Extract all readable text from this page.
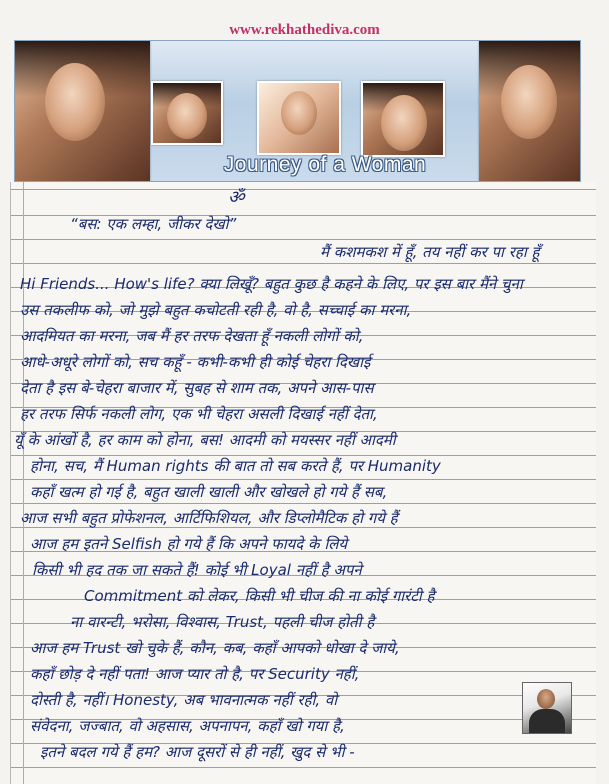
www.rekhathediva.com
Journey of a Woman
ॐ
“बस: एक लम्हा, जीकर देखो”
मैं कशमकश में हूँ, तय नहीं कर पा रहा हूँ
Hi Friends... How's life? क्या लिखूँ? बहुत कुछ है कहने के लिए, पर इस बार मैंने चुना
उस तकलीफ को, जो मुझे बहुत कचोटती रही है, वो है, सच्चाई का मरना,
आदमियत का मरना, जब मैं हर तरफ देखता हूँ नकली लोगों को,
आधे-अधूरे लोगों को, सच कहूँ - कभी-कभी ही कोई चेहरा दिखाई
देता है इस बे-चेहरा बाजार में, सुबह से शाम तक, अपने आस-पास
हर तरफ सिर्फ नकली लोग, एक भी चेहरा असली दिखाई नहीं देता,
यूँ के आंखों है, हर काम को होना, बस! आदमी को मयस्सर नहीं आदमी
होना, सच, मैं Human rights की बात तो सब करते हैं, पर Humanity
कहाँ खत्म हो गई है, बहुत खाली खाली और खोखले हो गये हैं सब,
आज सभी बहुत प्रोफेशनल, आर्टिफिशियल, और डिप्लोमैटिक हो गये हैं
आज हम इतने Selfish हो गये हैं कि अपने फायदे के लिये
किसी भी हद तक जा सकते हैं! कोई भी Loyal नहीं है अपने
Commitment को लेकर, किसी भी चीज की ना कोई गारंटी है
ना वारन्टी, भरोसा, विश्वास, Trust, पहली चीज होती है
आज हम Trust खो चुके हैं, कौन, कब, कहाँ आपको धोखा दे जाये,
कहाँ छोड़ दे नहीं पता! आज प्यार तो है, पर Security नहीं,
दोस्ती है, नहीं। Honesty, अब भावनात्मक नहीं रही, वो
संवेदना, जज्बात, वो अहसास, अपनापन, कहाँ खो गया है,
इतने बदल गये हैं हम? आज दूसरों से ही नहीं, खुद से भी -
